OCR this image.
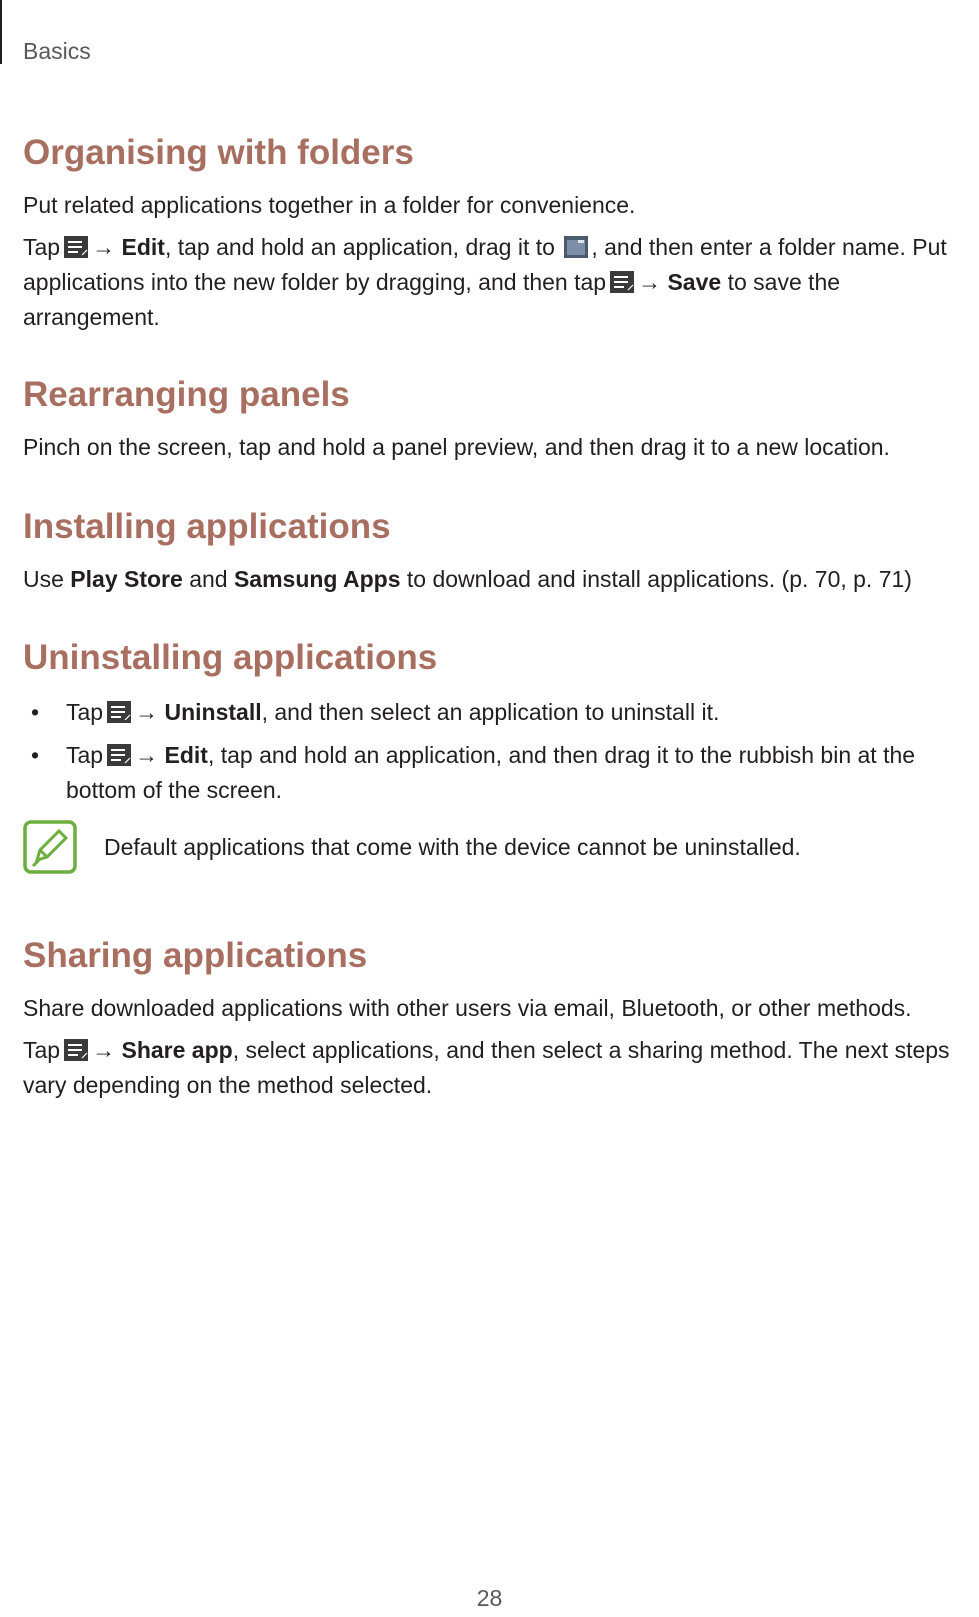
Basics
Organising with folders

Put related applications together in a folder for convenience.

Tap → Edit, tap and hold an application, drag it to , and then enter a folder name. Put applications into the new folder by dragging, and then tap → Save to save the arrangement.

Rearranging panels

Pinch on the screen, tap and hold a panel preview, and then drag it to a new location.

Installing applications

Use Play Store and Samsung Apps to download and install applications. (p. 70, p. 71)

Uninstalling applications
• Tap → Uninstall, and then select an application to uninstall it.
• Tap → Edit, tap and hold an application, and then drag it to the rubbish bin at the bottom of the screen.
Default applications that come with the device cannot be uninstalled.
Sharing applications

Share downloaded applications with other users via email, Bluetooth, or other methods.

Tap → Share app, select applications, and then select a sharing method. The next steps vary depending on the method selected.

28
